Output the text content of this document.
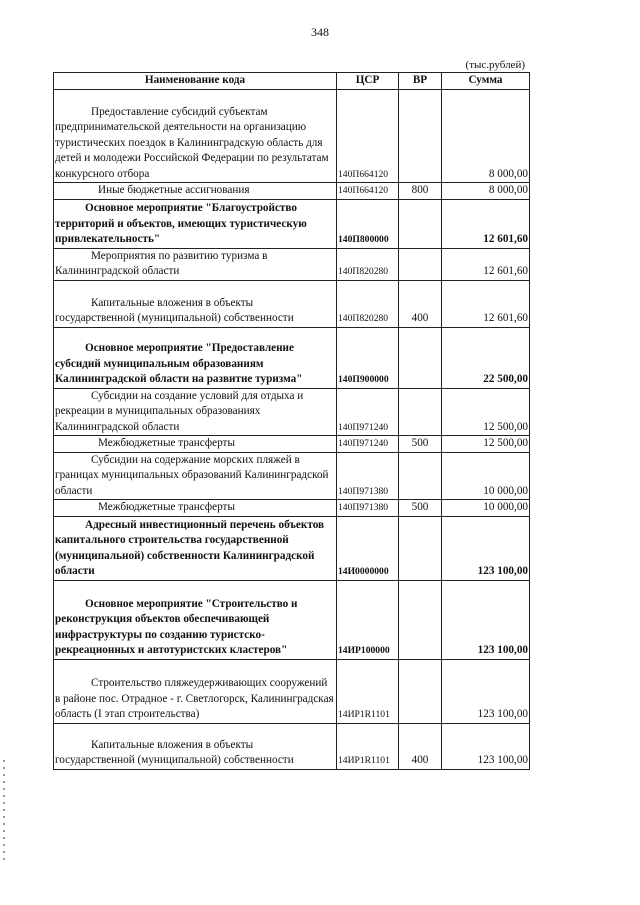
348
(тыс.рублей)
Наименование кода	ЦСР	ВР	Сумма
Предоставление субсидий субъектам предпринимательской деятельности на организацию туристических поездок в Калининградскую область для детей и молодежи Российской Федерации по результатам конкурсного отбора	140П664120		8 000,00
Иные бюджетные ассигнования	140П664120	800	8 000,00
Основное мероприятие "Благоустройство территорий и объектов, имеющих туристическую привлекательность"	140П800000		12 601,60
Мероприятия по развитию туризма в Калининградской области	140П820280		12 601,60
Капитальные вложения в объекты государственной (муниципальной) собственности	140П820280	400	12 601,60
Основное мероприятие "Предоставление субсидий муниципальным образованиям Калининградской области на развитие туризма"	140П900000		22 500,00
Субсидии на создание условий для отдыха и рекреации в муниципальных образованиях Калининградской области	140П971240		12 500,00
Межбюджетные трансферты	140П971240	500	12 500,00
Субсидии на содержание морских пляжей в границах муниципальных образований Калининградской области	140П971380		10 000,00
Межбюджетные трансферты	140П971380	500	10 000,00
Адресный инвестиционный перечень объектов капитального строительства государственной (муниципальной) собственности Калининградской области	14И0000000		123 100,00
Основное мероприятие "Строительство и реконструкция объектов обеспечивающей инфраструктуры по созданию туристско-рекреационных и автотуристских кластеров"	14ИР100000		123 100,00
Строительство пляжеудерживающих сооружений в районе пос. Отрадное - г. Светлогорск, Калининградская область (I этап строительства)	14ИР1R1101		123 100,00
Капитальные вложения в объекты государственной (муниципальной) собственности	14ИР1R1101	400	123 100,00
